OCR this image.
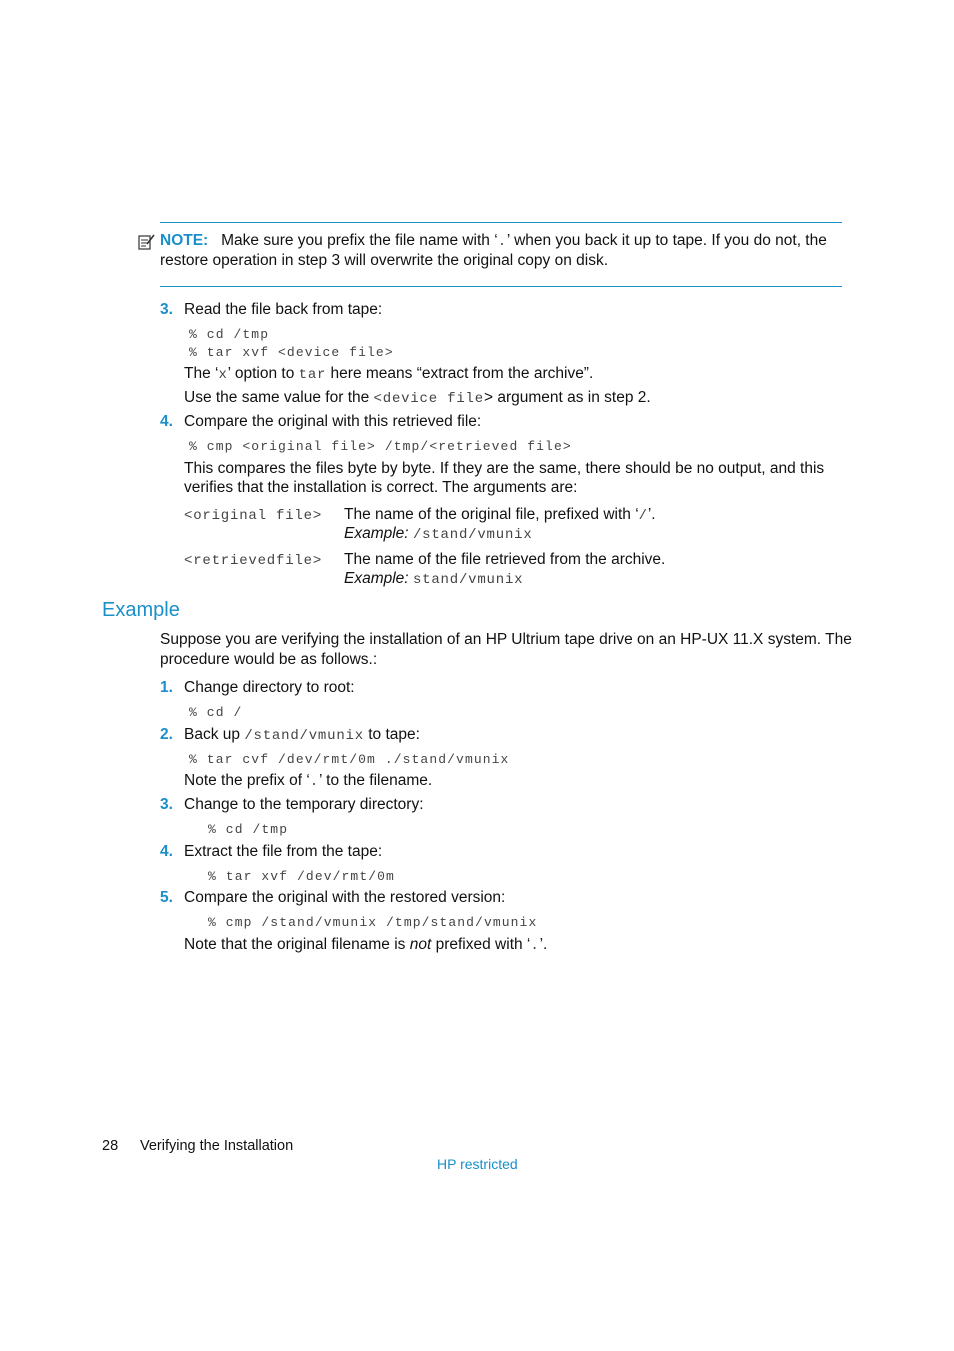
NOTE: Make sure you prefix the file name with ‘.’ when you back it up to tape. If you do not, the
restore operation in step 3 will overwrite the original copy on disk.
3. Read the file back from tape:
% cd /tmp
% tar xvf <device file>
The ‘x’ option to tar here means “extract from the archive”.
Use the same value for the <device file> argument as in step 2.
4. Compare the original with this retrieved file:
% cmp <original file> /tmp/<retrieved file>
This compares the files byte by byte. If they are the same, there should be no output, and this
verifies that the installation is correct. The arguments are:
<original file> The name of the original file, prefixed with ‘/’.
Example: /stand/vmunix
<retrievedfile> The name of the file retrieved from the archive.
Example: stand/vmunix
Example
Suppose you are verifying the installation of an HP Ultrium tape drive on an HP-UX 11.X system. The
procedure would be as follows.:
1. Change directory to root:
% cd /
2. Back up /stand/vmunix to tape:
% tar cvf /dev/rmt/0m ./stand/vmunix
Note the prefix of ‘.’ to the filename.
3. Change to the temporary directory:
% cd /tmp
4. Extract the file from the tape:
% tar xvf /dev/rmt/0m
5. Compare the original with the restored version:
% cmp /stand/vmunix /tmp/stand/vmunix
Note that the original filename is not prefixed with ‘.’.
28 Verifying the Installation
HP restricted
